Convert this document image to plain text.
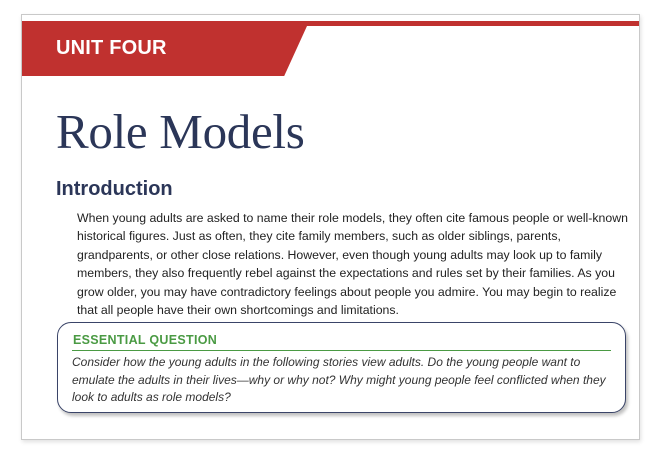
UNIT FOUR
Role Models
Introduction

When young adults are asked to name their role models, they often cite famous people or well-known historical figures. Just as often, they cite family members, such as older siblings, parents, grandparents, or other close relations. However, even though young adults may look up to family members, they also frequently rebel against the expectations and rules set by their families. As you grow older, you may have contradictory feelings about people you admire. You may begin to realize that all people have their own shortcomings and limitations.

ESSENTIAL QUESTION

Consider how the young adults in the following stories view adults. Do the young people want to emulate the adults in their lives—why or why not? Why might young people feel conflicted when they look to adults as role models?
